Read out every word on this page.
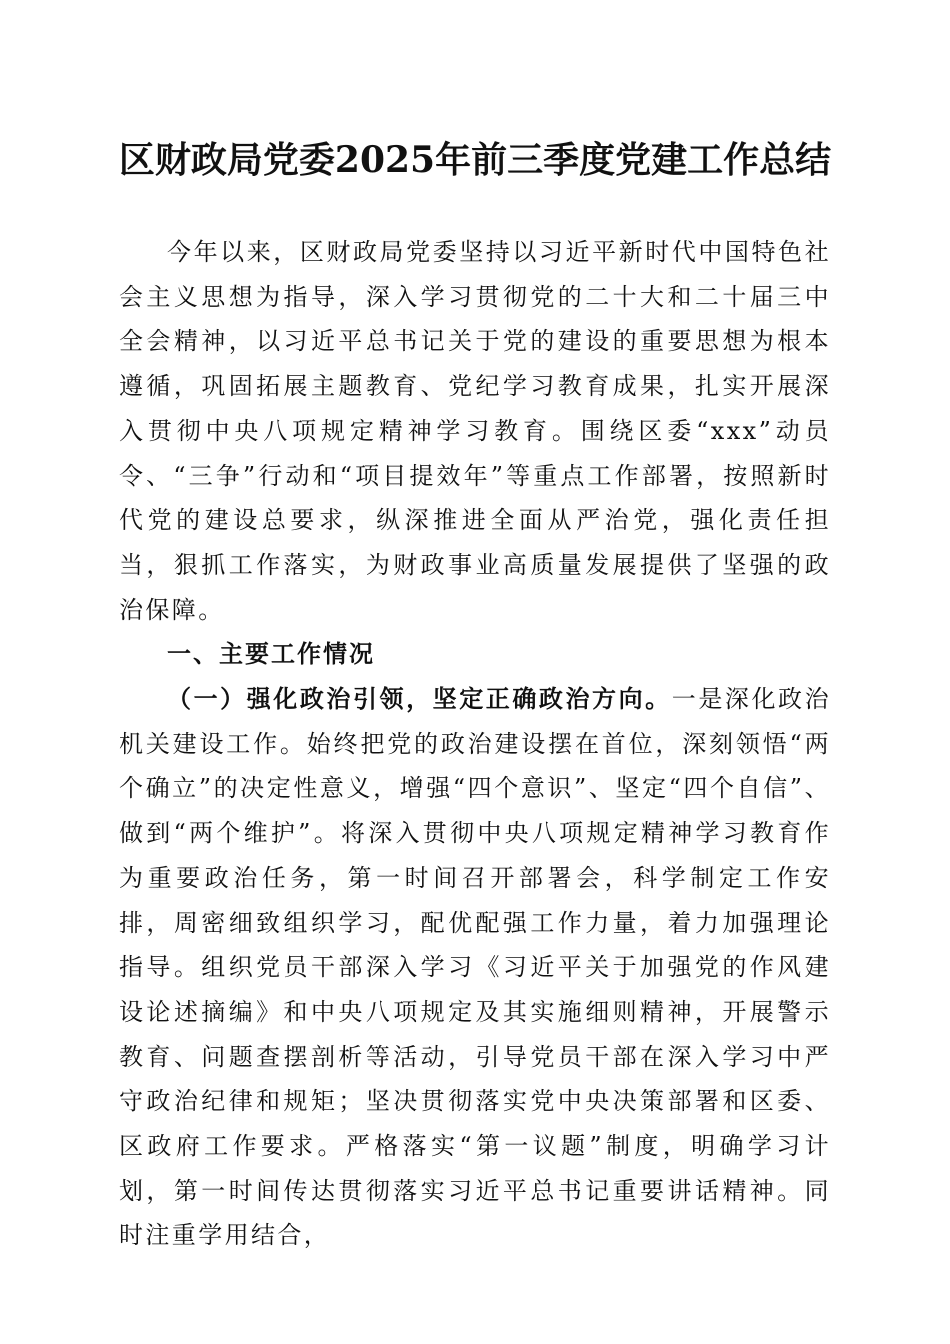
区财政局党委2025年前三季度党建工作总结

今年以来，区财政局党委坚持以习近平新时代中国特色社会主义思想为指导，深入学习贯彻党的二十大和二十届三中全会精神，以习近平总书记关于党的建设的重要思想为根本遵循，巩固拓展主题教育、党纪学习教育成果，扎实开展深入贯彻中央八项规定精神学习教育。围绕区委“xxx”动员令、“三争”行动和“项目提效年”等重点工作部署，按照新时代党的建设总要求，纵深推进全面从严治党，强化责任担当，狠抓工作落实，为财政事业高质量发展提供了坚强的政治保障。

一、主要工作情况

（一）强化政治引领，坚定正确政治方向。一是深化政治机关建设工作。始终把党的政治建设摆在首位，深刻领悟“两个确立”的决定性意义，增强“四个意识”、坚定“四个自信”、做到“两个维护”。将深入贯彻中央八项规定精神学习教育作为重要政治任务，第一时间召开部署会，科学制定工作安排，周密细致组织学习，配优配强工作力量，着力加强理论指导。组织党员干部深入学习《习近平关于加强党的作风建设论述摘编》和中央八项规定及其实施细则精神，开展警示教育、问题查摆剖析等活动，引导党员干部在深入学习中严守政治纪律和规矩；坚决贯彻落实党中央决策部署和区委、区政府工作要求。严格落实“第一议题”制度，明确学习计划，第一时间传达贯彻落实习近平总书记重要讲话精神。同时注重学用结合，
